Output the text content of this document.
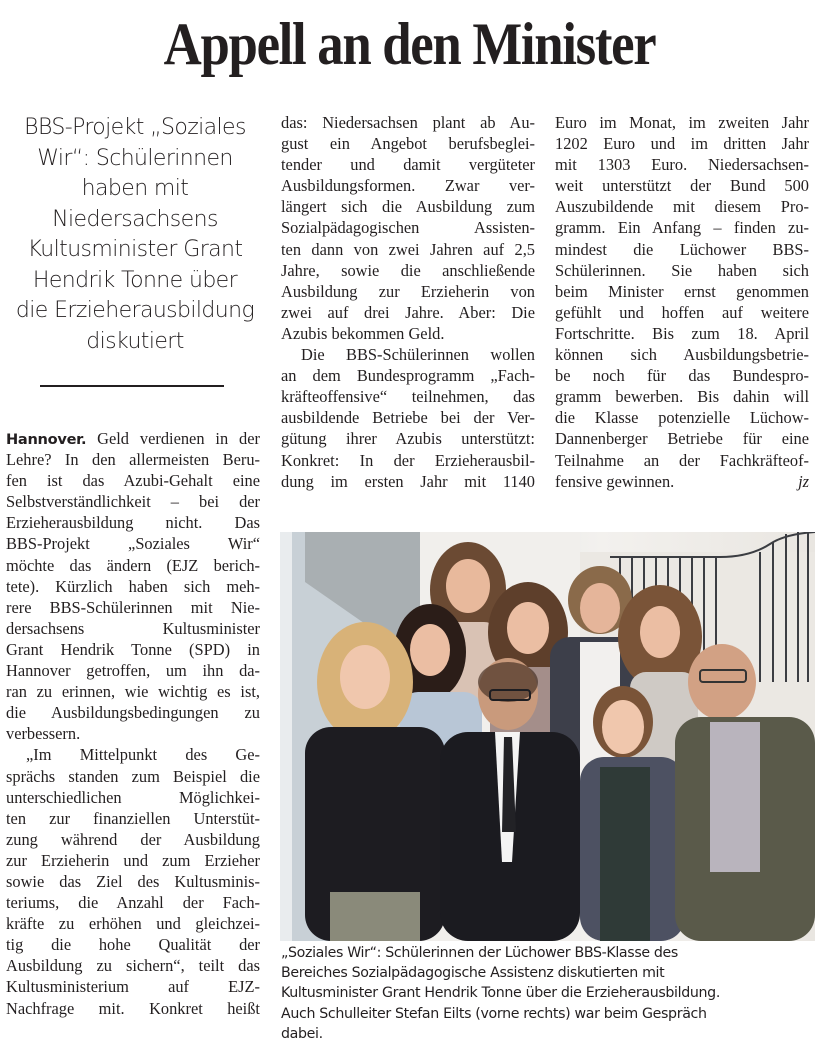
Appell an den Minister
BBS-Projekt „Soziales
Wir“: Schülerinnen
haben mit
Niedersachsens
Kultusminister Grant
Hendrik Tonne über
die Erzieherausbildung
diskutiert
Hannover. Geld verdienen in der
Lehre? In den allermeisten Beru-
fen ist das Azubi-Gehalt eine
Selbstverständlichkeit – bei der
Erzieherausbildung nicht. Das
BBS-Projekt „Soziales Wir“
möchte das ändern (EJZ berich-
tete). Kürzlich haben sich meh-
rere BBS-Schülerinnen mit Nie-
dersachsens Kultusminister
Grant Hendrik Tonne (SPD) in
Hannover getroffen, um ihn da-
ran zu erinnen, wie wichtig es ist,
die Ausbildungsbedingungen zu
verbessern.
„Im Mittelpunkt des Ge-
sprächs standen zum Beispiel die
unterschiedlichen Möglichkei-
ten zur finanziellen Unterstüt-
zung während der Ausbildung
zur Erzieherin und zum Erzieher
sowie das Ziel des Kultusminis-
teriums, die Anzahl der Fach-
kräfte zu erhöhen und gleichzei-
tig die hohe Qualität der
Ausbildung zu sichern“, teilt das
Kultusministerium auf EJZ-
Nachfrage mit. Konkret heißt
das: Niedersachsen plant ab Au-
gust ein Angebot berufsbeglei-
tender und damit vergüteter
Ausbildungsformen. Zwar ver-
längert sich die Ausbildung zum
Sozialpädagogischen Assisten-
ten dann von zwei Jahren auf 2,5
Jahre, sowie die anschließende
Ausbildung zur Erzieherin von
zwei auf drei Jahre. Aber: Die
Azubis bekommen Geld.
Die BBS-Schülerinnen wollen
an dem Bundesprogramm „Fach-
kräfteoffensive“ teilnehmen, das
ausbildende Betriebe bei der Ver-
gütung ihrer Azubis unterstützt:
Konkret: In der Erzieherausbil-
dung im ersten Jahr mit 1140
Euro im Monat, im zweiten Jahr
1202 Euro und im dritten Jahr
mit 1303 Euro. Niedersachsen-
weit unterstützt der Bund 500
Auszubildende mit diesem Pro-
gramm. Ein Anfang – finden zu-
mindest die Lüchower BBS-
Schülerinnen. Sie haben sich
beim Minister ernst genommen
gefühlt und hoffen auf weitere
Fortschritte. Bis zum 18. April
können sich Ausbildungsbetrie-
be noch für das Bundespro-
gramm bewerben. Bis dahin will
die Klasse potenzielle Lüchow-
Dannenberger Betriebe für eine
Teilnahme an der Fachkräfteof-
fensive gewinnen.	jz
„Soziales Wir“: Schülerinnen der Lüchower BBS-Klasse des
Bereiches Sozialpädagogische Assistenz diskutierten mit
Kultusminister Grant Hendrik Tonne über die Erzieherausbildung.
Auch Schulleiter Stefan Eilts (vorne rechts) war beim Gespräch
dabei.
